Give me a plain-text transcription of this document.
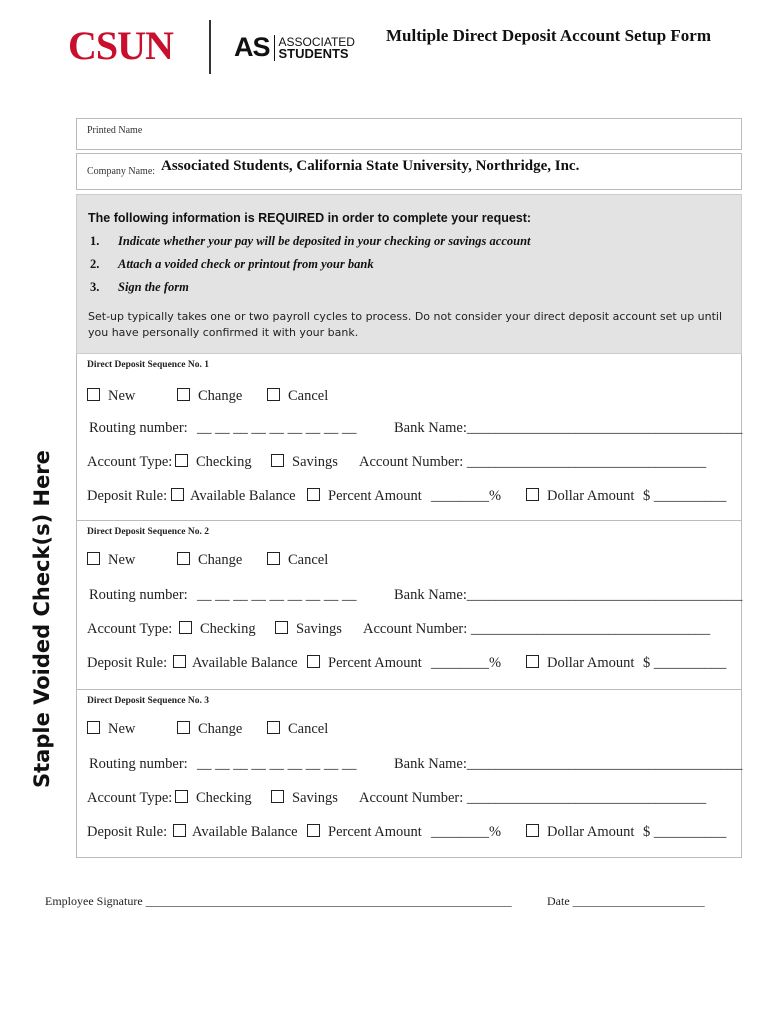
CSUN AS ASSOCIATED
STUDENTS
Multiple Direct Deposit Account Setup Form
Staple Voided Check(s) Here
Printed Name
Company Name: Associated Students, California State University, Northridge, Inc.
The following information is REQUIRED in order to complete your request:
1. Indicate whether your pay will be deposited in your checking or savings account
2. Attach a voided check or printout from your bank
3. Sign the form
Set-up typically takes one or two payroll cycles to process. Do not consider your direct deposit account set up until you have personally confirmed it with your bank.
Direct Deposit Sequence No. 1
New	Change	Cancel
Routing number: __ __ __ __ __ __ __ __ __	Bank Name:______________________________________
Account Type:	Checking	Savings Account Number: _________________________________
Deposit Rule:	Available Balance	Percent Amount ________%	Dollar Amount $ __________
Direct Deposit Sequence No. 2
New	Change	Cancel
Routing number: __ __ __ __ __ __ __ __ __	Bank Name:______________________________________
Account Type:	Checking	Savings Account Number: _________________________________
Deposit Rule:	Available Balance	Percent Amount ________%	Dollar Amount $ __________
Direct Deposit Sequence No. 3
New	Change	Cancel
Routing number: __ __ __ __ __ __ __ __ __	Bank Name:______________________________________
Account Type:	Checking	Savings Account Number: _________________________________
Deposit Rule:	Available Balance	Percent Amount ________%	Dollar Amount $ __________
Employee Signature _____________________________________________________________	Date ______________________
